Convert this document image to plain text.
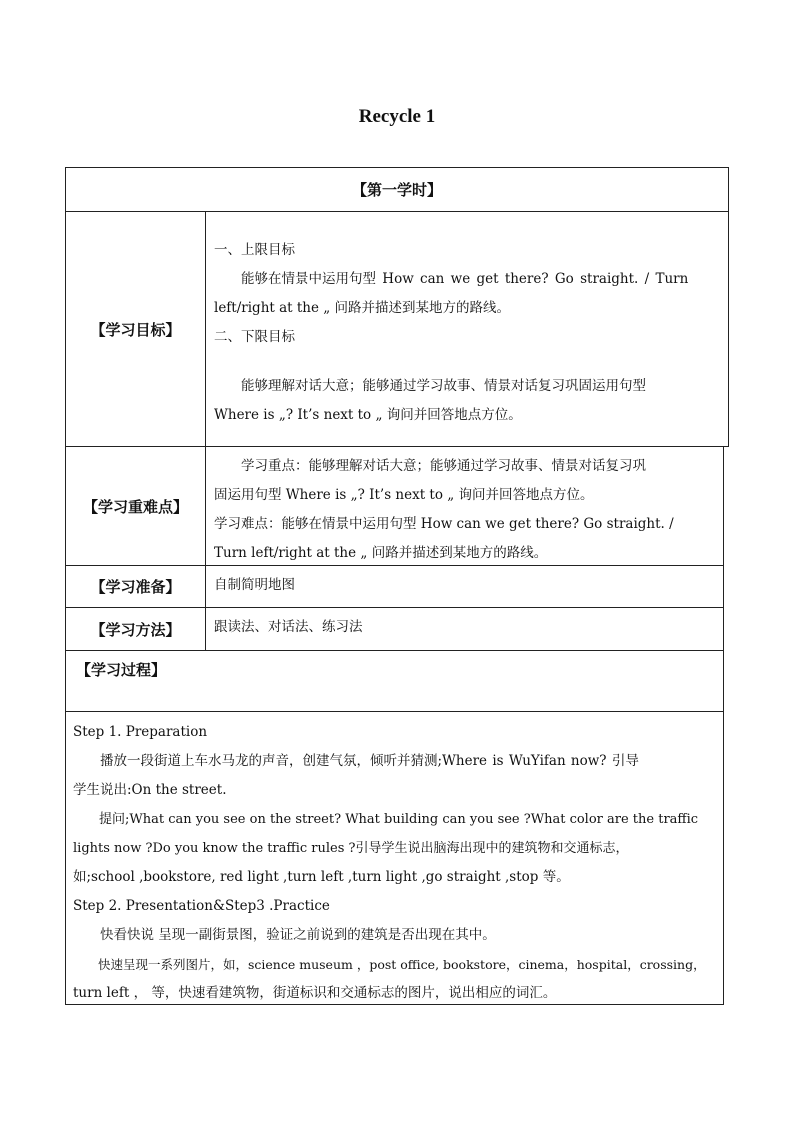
Recycle 1
【第一学时】
【学习目标】

一、上限目标

能够在情景中运用句型 How can we get there? Go straight. / Turn

left/right at the „ 问路并描述到某地方的路线。

二、下限目标

能够理解对话大意；能够通过学习故事、情景对话复习巩固运用句型

Where is „? It’s next to „ 询问并回答地点方位。

【学习重难点】

学习重点：能够理解对话大意；能够通过学习故事、情景对话复习巩

固运用句型 Where is „? It’s next to „ 询问并回答地点方位。

学习难点：能够在情景中运用句型 How can we get there? Go straight. /

Turn left/right at the „ 问路并描述到某地方的路线。

【学习准备】 自制简明地图

【学习方法】 跟读法、对话法、练习法

【学习过程】

Step 1. Preparation

播放一段街道上车水马龙的声音，创建气氛，倾听并猜测;Where is WuYifan now? 引导

学生说出:On the street.

提问;What can you see on the street? What building can you see ?What color are the traffic

lights now ?Do you know the traffic rules ?引导学生说出脑海出现中的建筑物和交通标志，

如;school ,bookstore, red light ,turn left ,turn light ,go straight ,stop 等。

Step 2. Presentation&Step3 .Practice

快看快说 呈现一副街景图，验证之前说到的建筑是否出现在其中。

快速呈现一系列图片，如，science museum ，post office, bookstore，cinema，hospital，crossing，

turn left ， 等，快速看建筑物，街道标识和交通标志的图片，说出相应的词汇。
